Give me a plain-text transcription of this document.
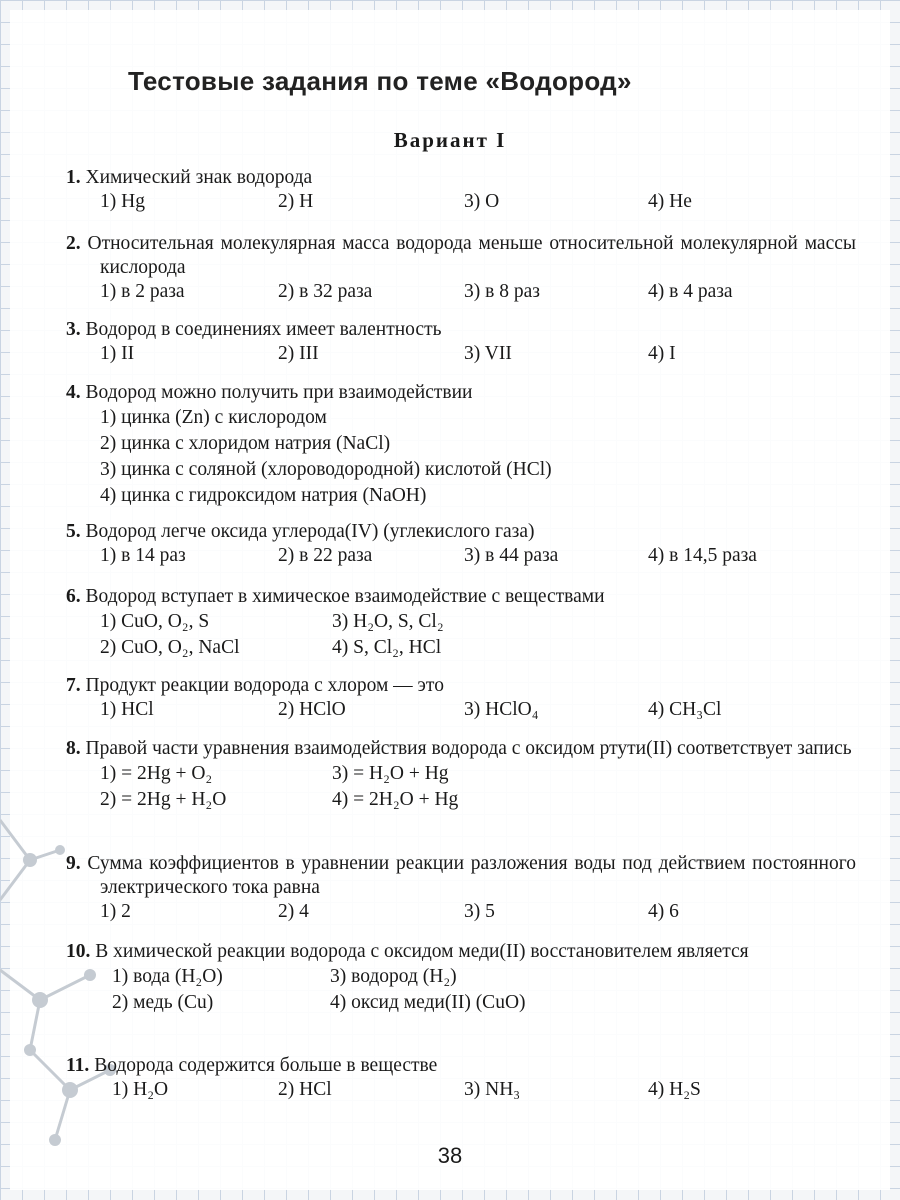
Тестовые задания по теме «Водород»
Вариант I
1. Химический знак водорода
1) Hg	2) H	3) O	4) He
2. Относительная молекулярная масса водорода меньше относительной молекулярной массы кислорода
1) в 2 раза	2) в 32 раза	3) в 8 раз	4) в 4 раза
3. Водород в соединениях имеет валентность
1) II	2) III	3) VII	4) I
4. Водород можно получить при взаимодействии
1) цинка (Zn) с кислородом
2) цинка с хлоридом натрия (NaCl)
3) цинка с соляной (хлороводородной) кислотой (HCl)
4) цинка с гидроксидом натрия (NaOH)
5. Водород легче оксида углерода(IV) (углекислого газа)
1) в 14 раз	2) в 22 раза	3) в 44 раза	4) в 14,5 раза
6. Водород вступает в химическое взаимодействие с веществами
1) CuO, O₂, S	3) H₂O, S, Cl₂
2) CuO, O₂, NaCl	4) S, Cl₂, HCl
7. Продукт реакции водорода с хлором — это
1) HCl	2) HClO	3) HClO₄	4) CH₃Cl
8. Правой части уравнения взаимодействия водорода с оксидом ртути(II) соответствует запись
1) = 2Hg + O₂	3) = H₂O + Hg
2) = 2Hg + H₂O	4) = 2H₂O + Hg
9. Сумма коэффициентов в уравнении реакции разложения воды под действием постоянного электрического тока равна
1) 2	2) 4	3) 5	4) 6
10. В химической реакции водорода с оксидом меди(II) восстановителем является
1) вода (H₂O)	3) водород (H₂)
2) медь (Cu)	4) оксид меди(II) (CuO)
11. Водорода содержится больше в веществе
1) H₂O	2) HCl	3) NH₃	4) H₂S
38
